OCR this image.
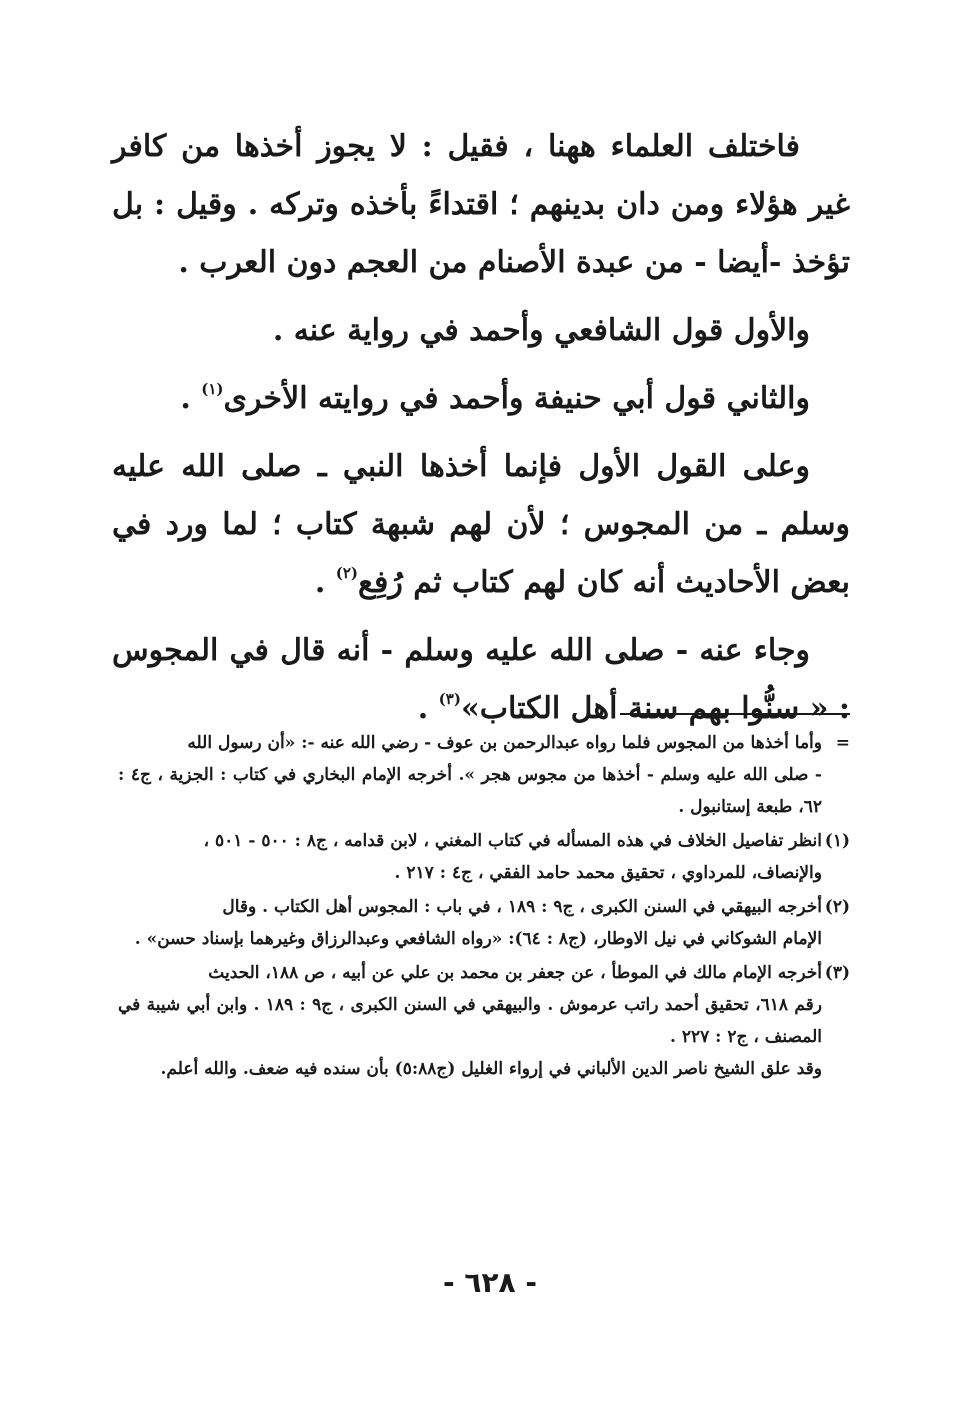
فاختلف العلماء ههنا ، فقيل : لا يجوز أخذها من كافر غير هؤلاء ومن دان بدينهم ؛ اقتداءً بأخذه وتركه . وقيل : بل تؤخذ -أيضا - من عبدة الأصنام من العجم دون العرب .

والأول قول الشافعي وأحمد في رواية عنه .

والثاني قول أبي حنيفة وأحمد في روايته الأخرى$^{(١)}$ .

وعلى القول الأول فإنما أخذها النبي ـ صلى الله عليه وسلم ـ من المجوس ؛ لأن لهم شبهة كتاب ؛ لما ورد في بعض الأحاديث أنه كان لهم كتاب ثم رُفِع$^{(٢)}$ .

وجاء عنه - صلى الله عليه وسلم - أنه قال في المجوس : « سنُّوا بهم سنة أهل الكتاب»$^{(٣)}$ .

=وأما أخذها من المجوس فلما رواه عبدالرحمن بن عوف - رضي الله عنه -: «أن رسول الله
- صلى الله عليه وسلم - أخذها من مجوس هجر ». أخرجه الإمام البخاري في كتاب : الجزية ، ج٤ : ٦٢، طبعة إستانبول .
(١)انظر تفاصيل الخلاف في هذه المسأله في كتاب المغني ، لابن قدامه ، ج٨ : ٥٠٠ - ٥٠١ ،
والإنصاف، للمرداوي ، تحقيق محمد حامد الفقي ، ج٤ : ٢١٧ .
(٢)أخرجه البيهقي في السنن الكبرى ، ج٩ : ١٨٩ ، في باب : المجوس أهل الكتاب . وقال
الإمام الشوكاني في نيل الاوطار، (ج٨ : ٦٤): «رواه الشافعي وعبدالرزاق وغيرهما بإسناد حسن» .
(٣)أخرجه الإمام مالك في الموطأ ، عن جعفر بن محمد بن علي عن أبيه ، ص ١٨٨، الحديث
رقم ٦١٨، تحقيق أحمد راتب عرموش . والبيهقي في السنن الكبرى ، ج٩ : ١٨٩ . وابن أبي شيبة في المصنف ، ج٢ : ٢٢٧ .
وقد علق الشيخ ناصر الدين الألباني في إرواء الغليل (ج٥:٨٨) بأن سنده فيه ضعف. والله أعلم.
- ٦٢٨ -
